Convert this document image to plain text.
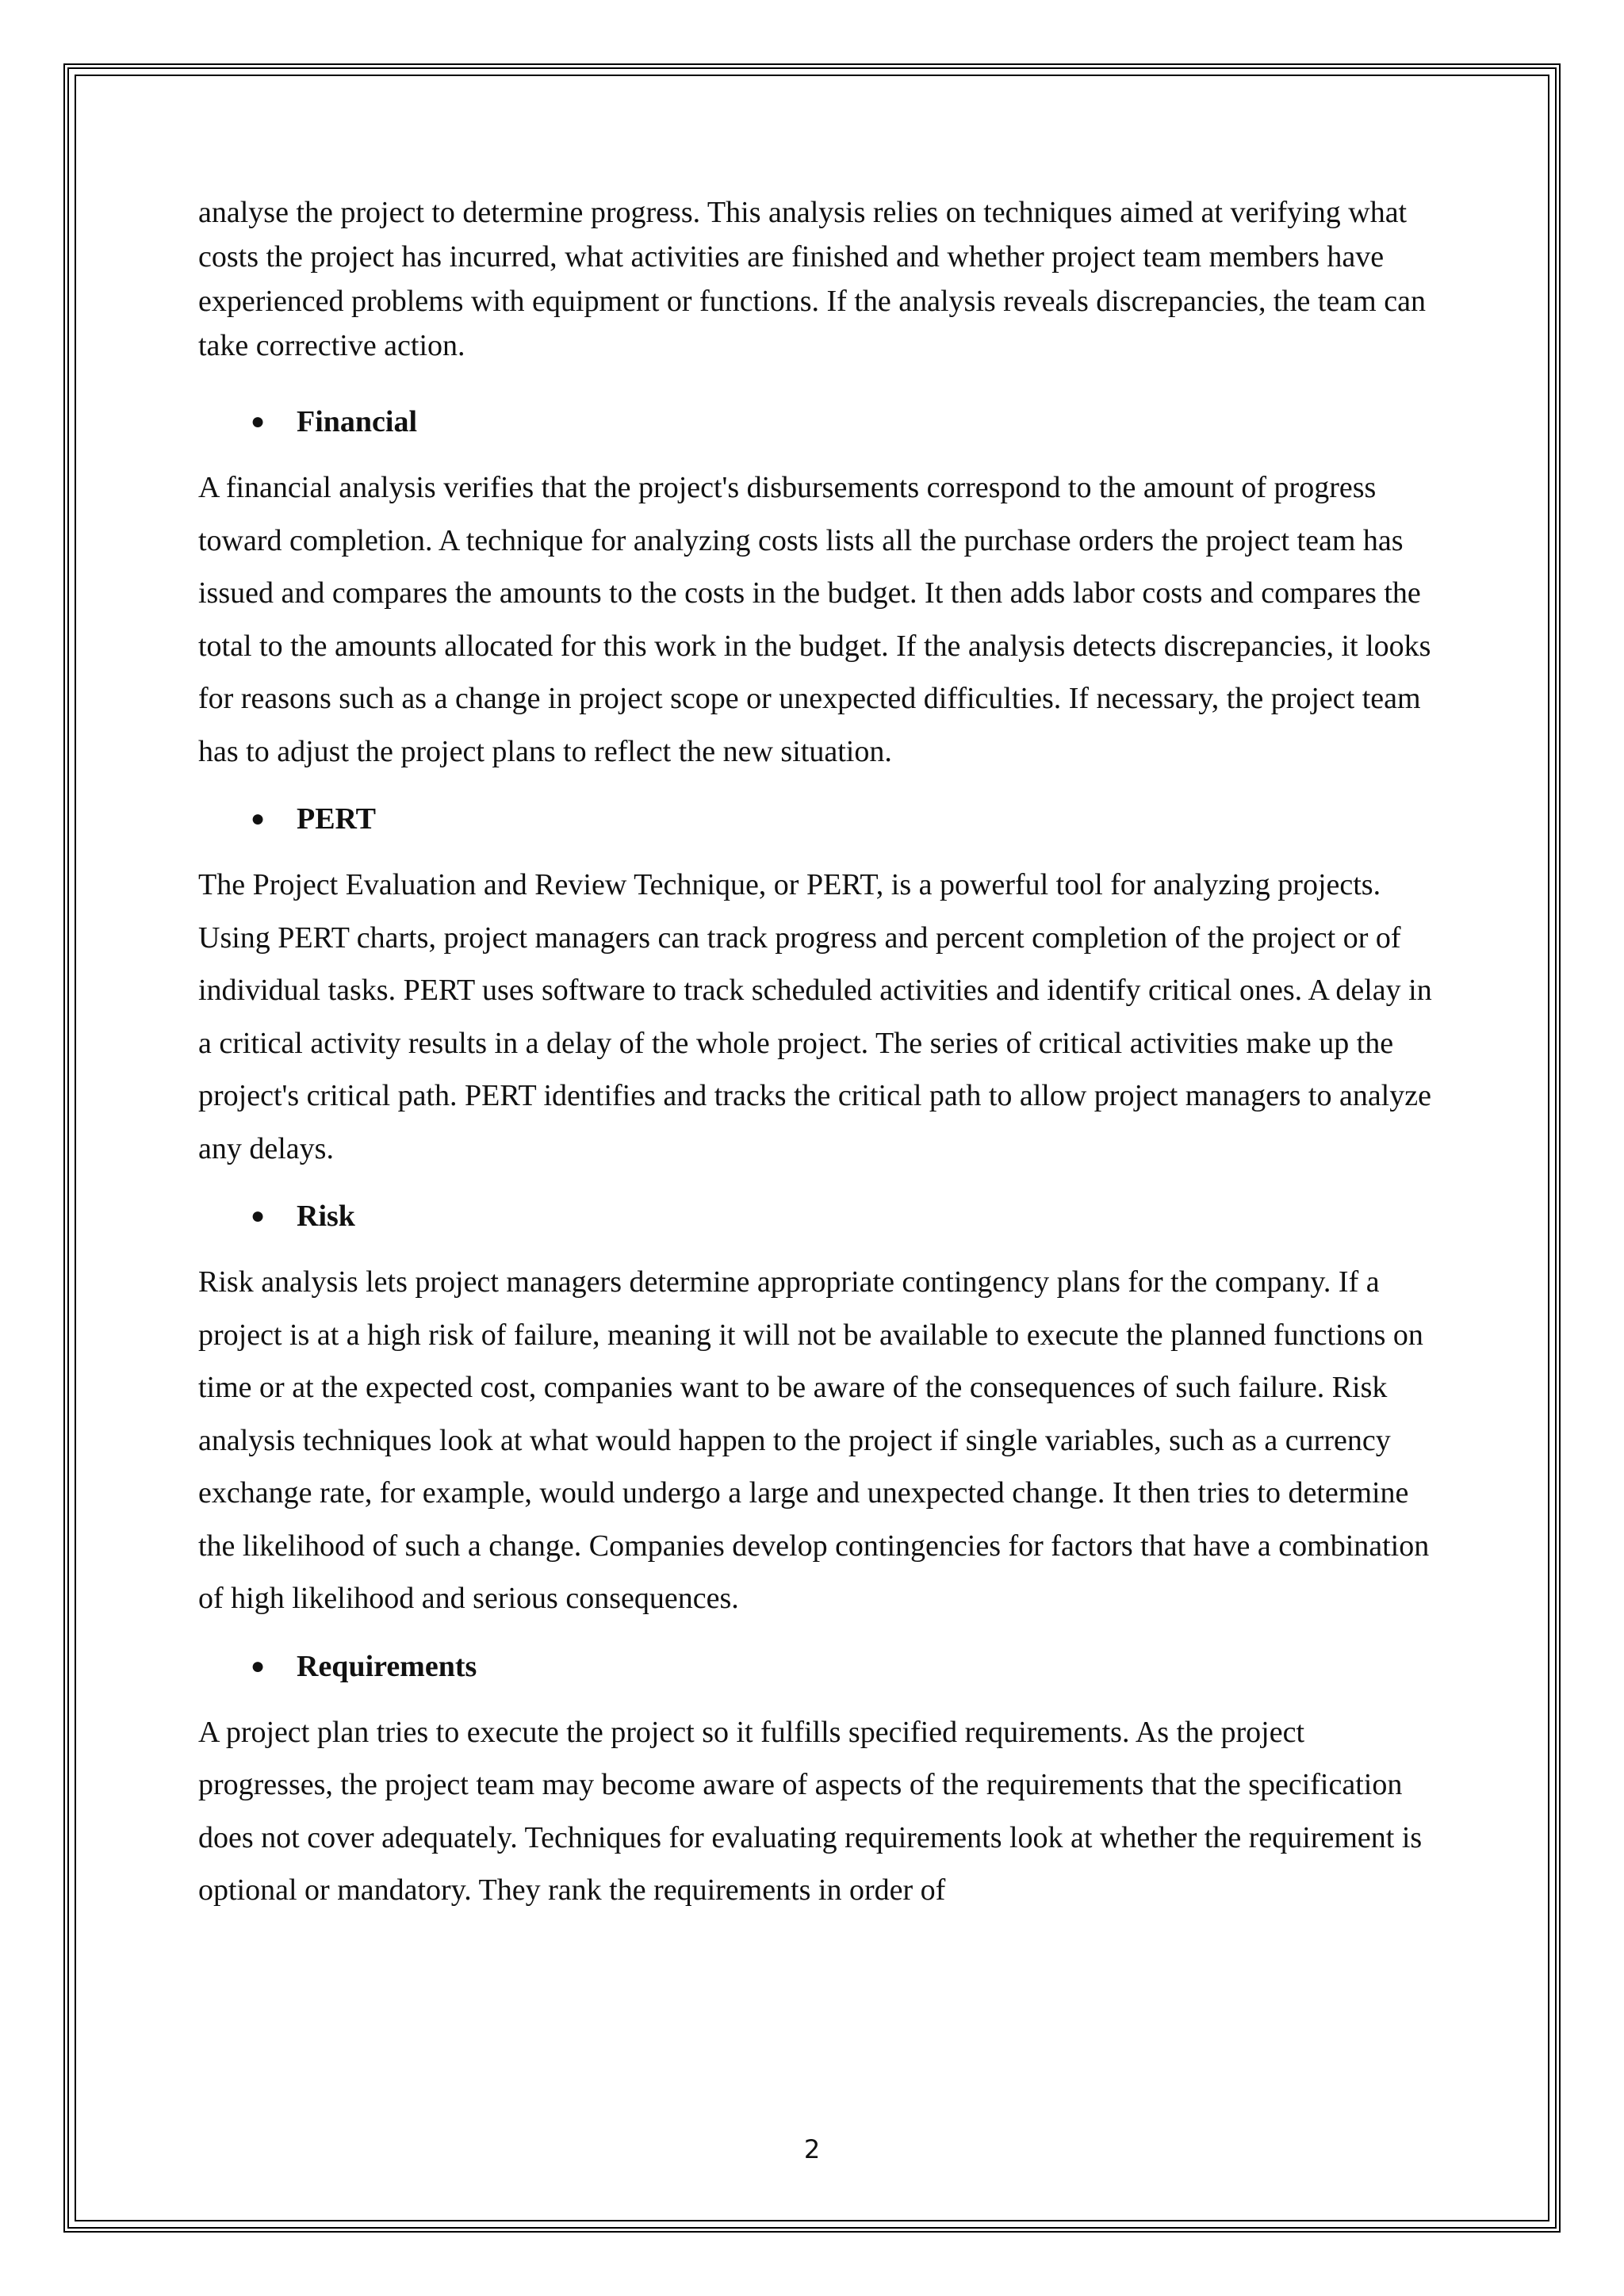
analyse the project to determine progress. This analysis relies on techniques aimed at verifying what costs the project has incurred, what activities are finished and whether project team members have experienced problems with equipment or functions. If the analysis reveals discrepancies, the team can take corrective action.

●	Financial

A financial analysis verifies that the project's disbursements correspond to the amount of progress toward completion. A technique for analyzing costs lists all the purchase orders the project team has issued and compares the amounts to the costs in the budget. It then adds labor costs and compares the total to the amounts allocated for this work in the budget. If the analysis detects discrepancies, it looks for reasons such as a change in project scope or unexpected difficulties. If necessary, the project team has to adjust the project plans to reflect the new situation.

●	PERT

The Project Evaluation and Review Technique, or PERT, is a powerful tool for analyzing projects. Using PERT charts, project managers can track progress and percent completion of the project or of individual tasks. PERT uses software to track scheduled activities and identify critical ones. A delay in a critical activity results in a delay of the whole project. The series of critical activities make up the project's critical path. PERT identifies and tracks the critical path to allow project managers to analyze any delays.

●	Risk

Risk analysis lets project managers determine appropriate contingency plans for the company. If a project is at a high risk of failure, meaning it will not be available to execute the planned functions on time or at the expected cost, companies want to be aware of the consequences of such failure. Risk analysis techniques look at what would happen to the project if single variables, such as a currency exchange rate, for example, would undergo a large and unexpected change. It then tries to determine the likelihood of such a change. Companies develop contingencies for factors that have a combination of high likelihood and serious consequences.

●	Requirements

A project plan tries to execute the project so it fulfills specified requirements. As the project progresses, the project team may become aware of aspects of the requirements that the specification does not cover adequately. Techniques for evaluating requirements look at whether the requirement is optional or mandatory. They rank the requirements in order of

2
